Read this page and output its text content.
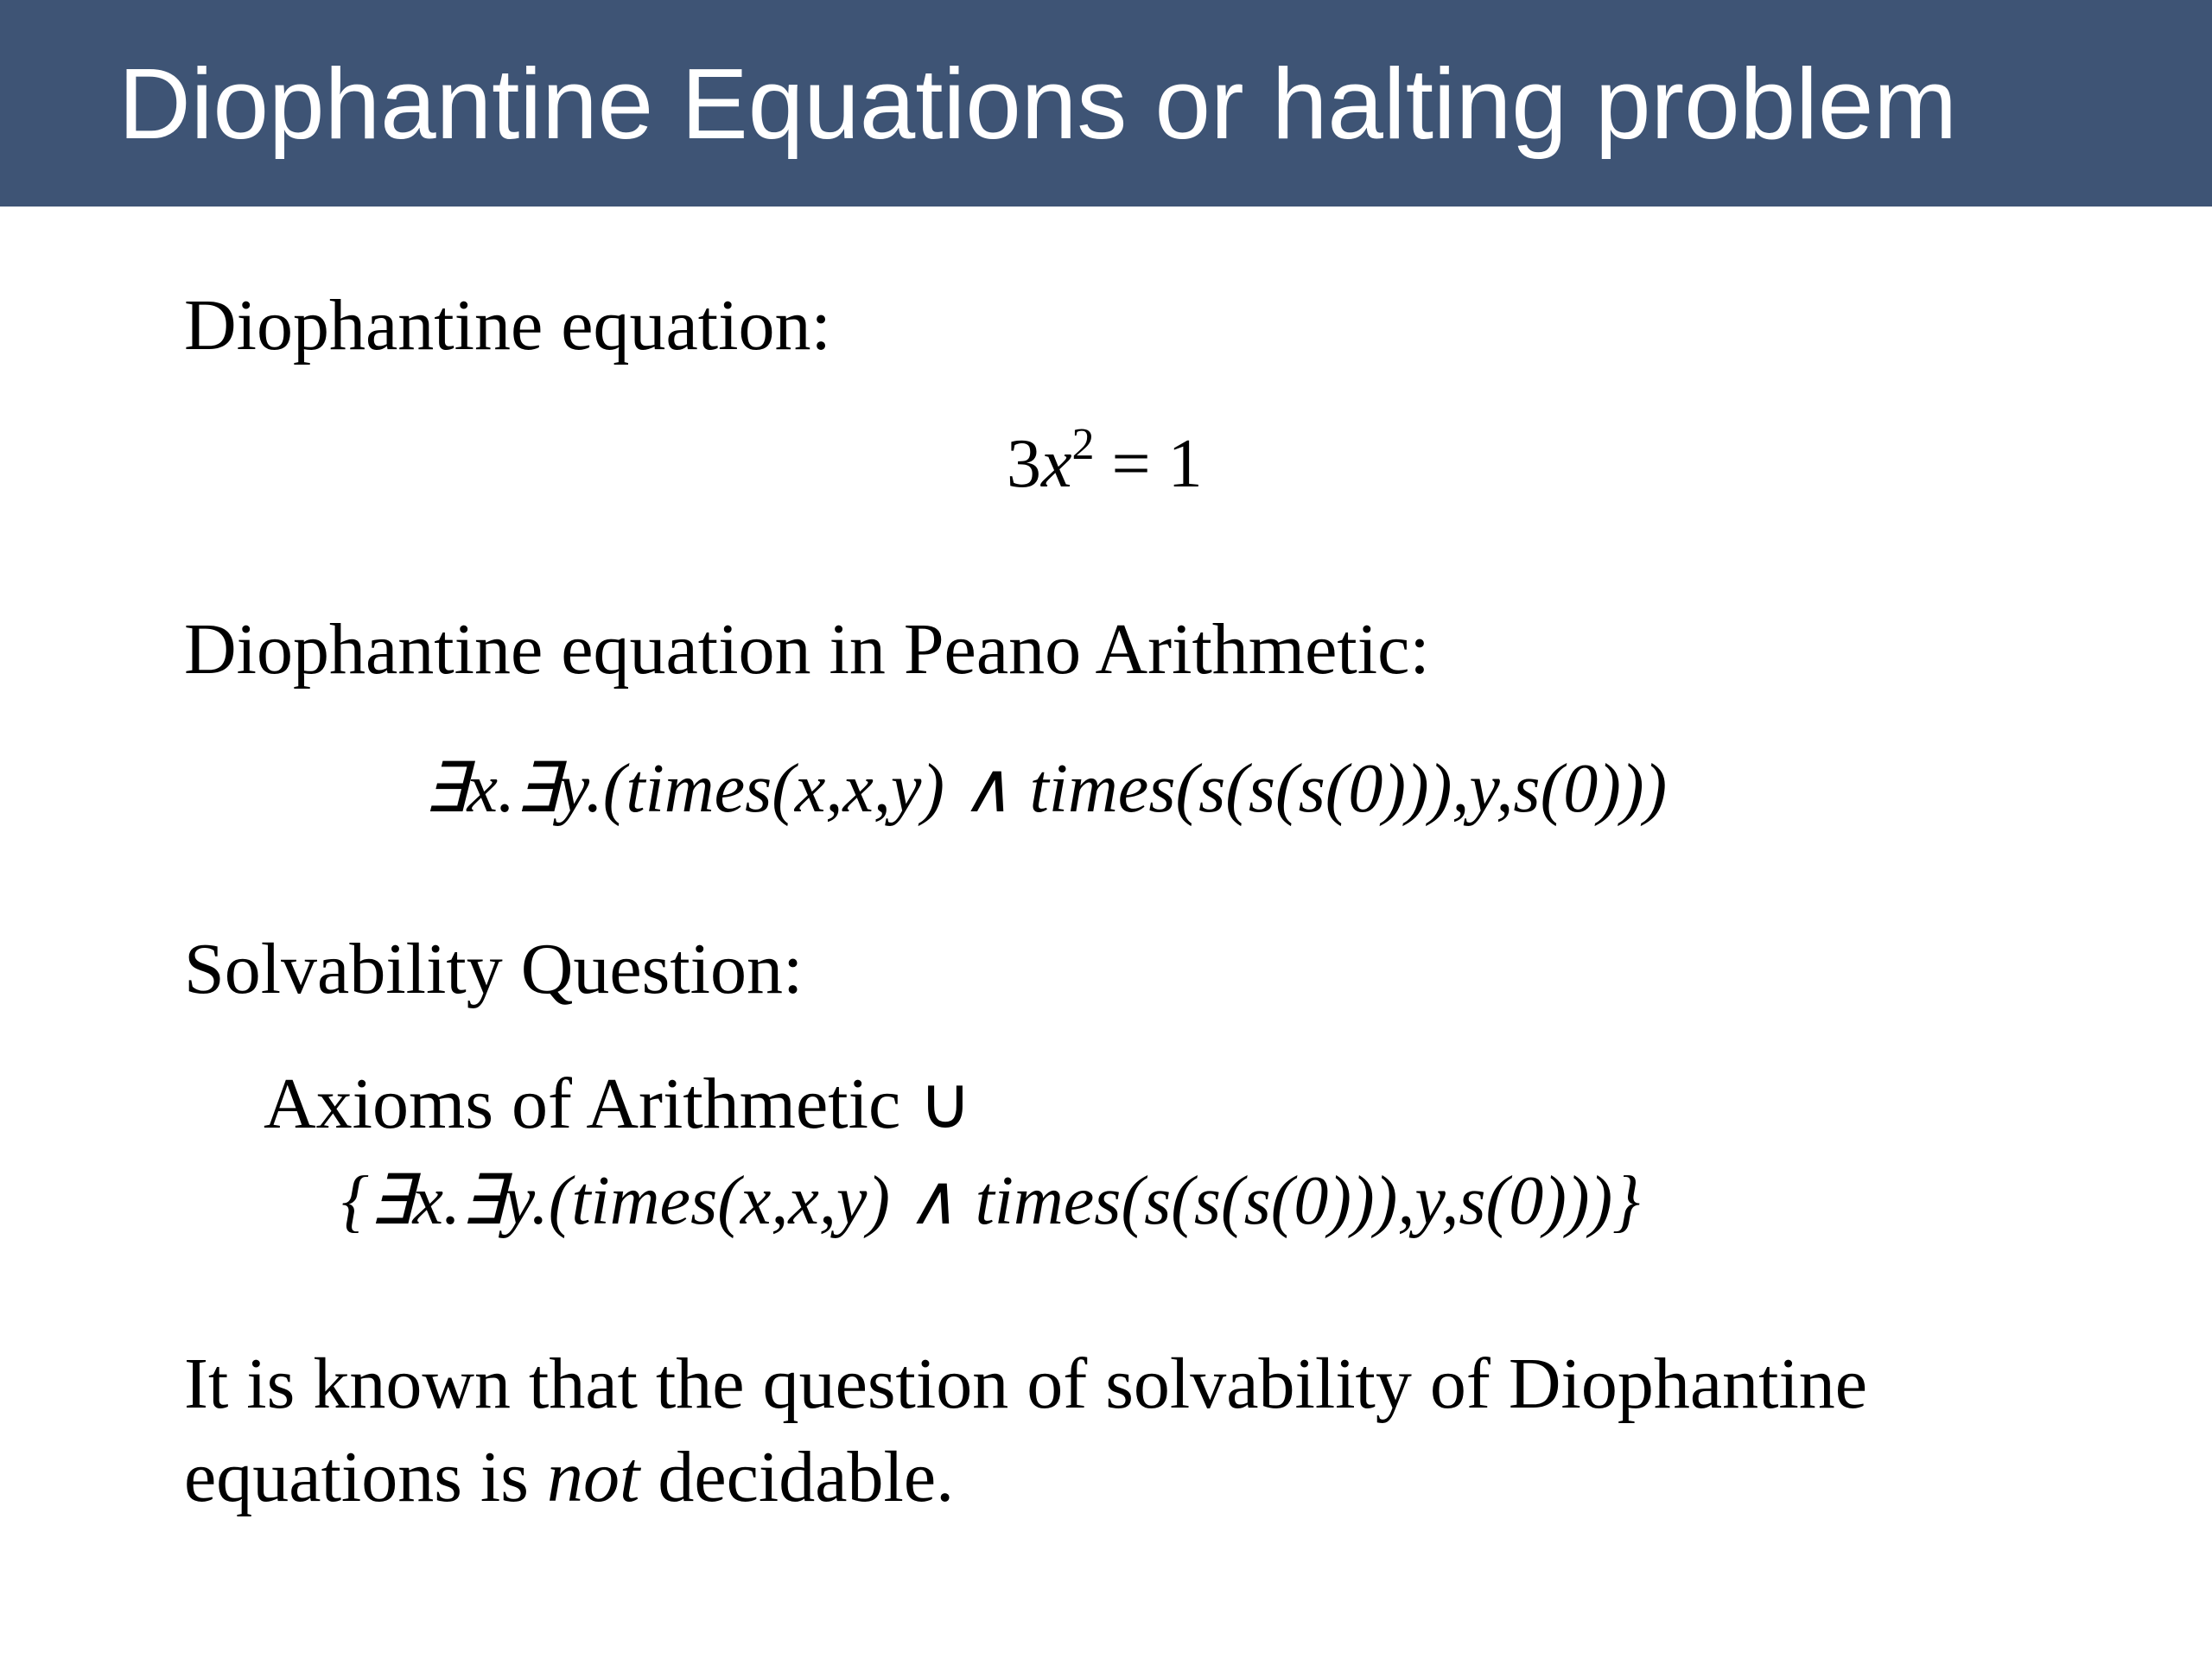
Diophantine Equations or halting problem
Diophantine equation:
$3x^2 = 1$
Diophantine equation in Peano Arithmetic:
∃x.∃y.(times(x,x,y) ∧ times(s(s(s(0))),y,s(0)))
Solvability Question:
Axioms of Arithmetic ∪
{∃x.∃y.(times(x,x,y) ∧ times(s(s(s(0))),y,s(0)))}
It is known that the question of solvability of Diophantine
equations is not decidable.
